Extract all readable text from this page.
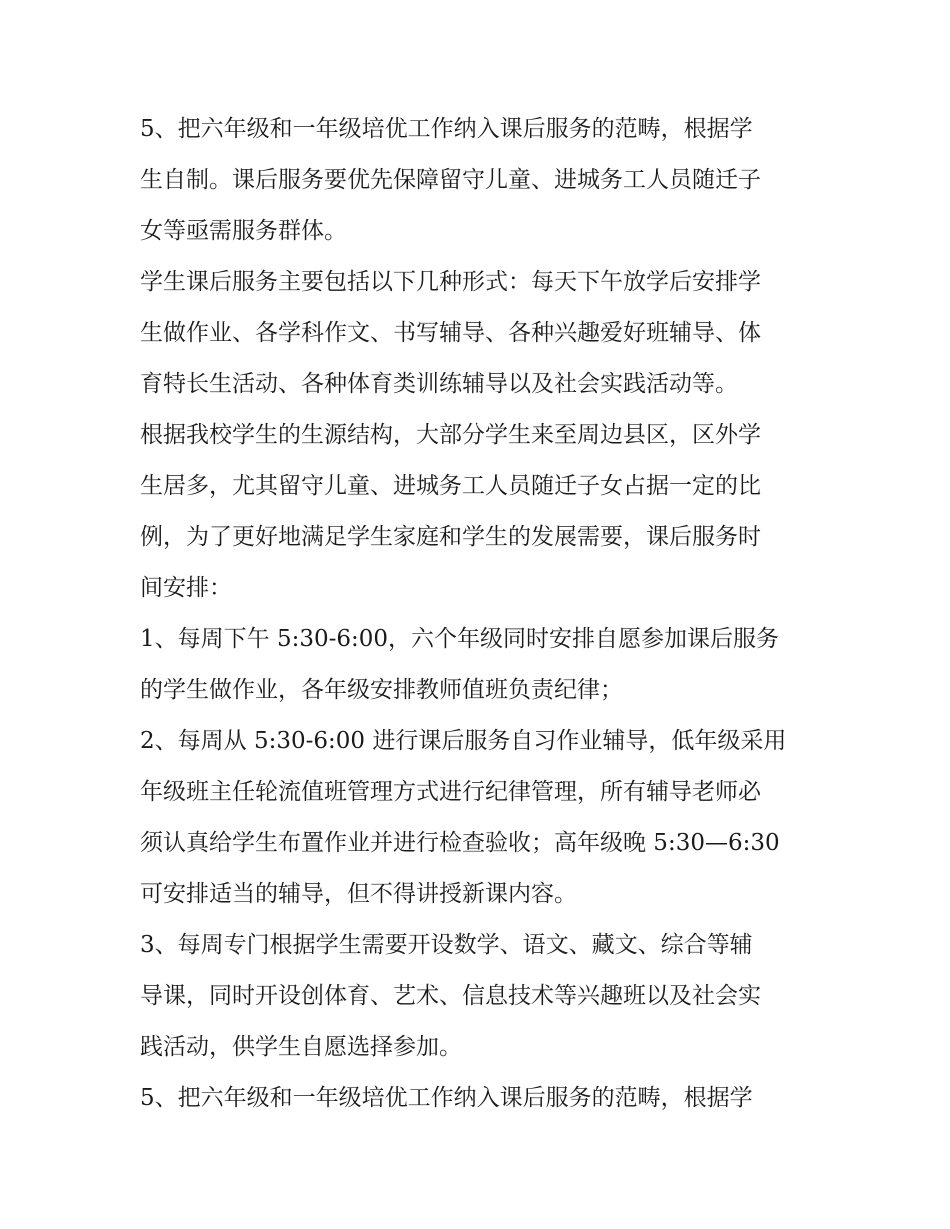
5、把六年级和一年级培优工作纳入课后服务的范畴，根据学
生自制。课后服务要优先保障留守儿童、进城务工人员随迁子
女等亟需服务群体。
学生课后服务主要包括以下几种形式：每天下午放学后安排学
生做作业、各学科作文、书写辅导、各种兴趣爱好班辅导、体
育特长生活动、各种体育类训练辅导以及社会实践活动等。
根据我校学生的生源结构，大部分学生来至周边县区，区外学
生居多，尤其留守儿童、进城务工人员随迁子女占据一定的比
例，为了更好地满足学生家庭和学生的发展需要，课后服务时
间安排：
1、每周下午 5:30-6:00，六个年级同时安排自愿参加课后服务
的学生做作业，各年级安排教师值班负责纪律；
2、每周从 5:30-6:00 进行课后服务自习作业辅导，低年级采用
年级班主任轮流值班管理方式进行纪律管理，所有辅导老师必
须认真给学生布置作业并进行检查验收；高年级晚 5:30—6:30
可安排适当的辅导，但不得讲授新课内容。
3、每周专门根据学生需要开设数学、语文、藏文、综合等辅
导课，同时开设创体育、艺术、信息技术等兴趣班以及社会实
践活动，供学生自愿选择参加。
5、把六年级和一年级培优工作纳入课后服务的范畴，根据学
